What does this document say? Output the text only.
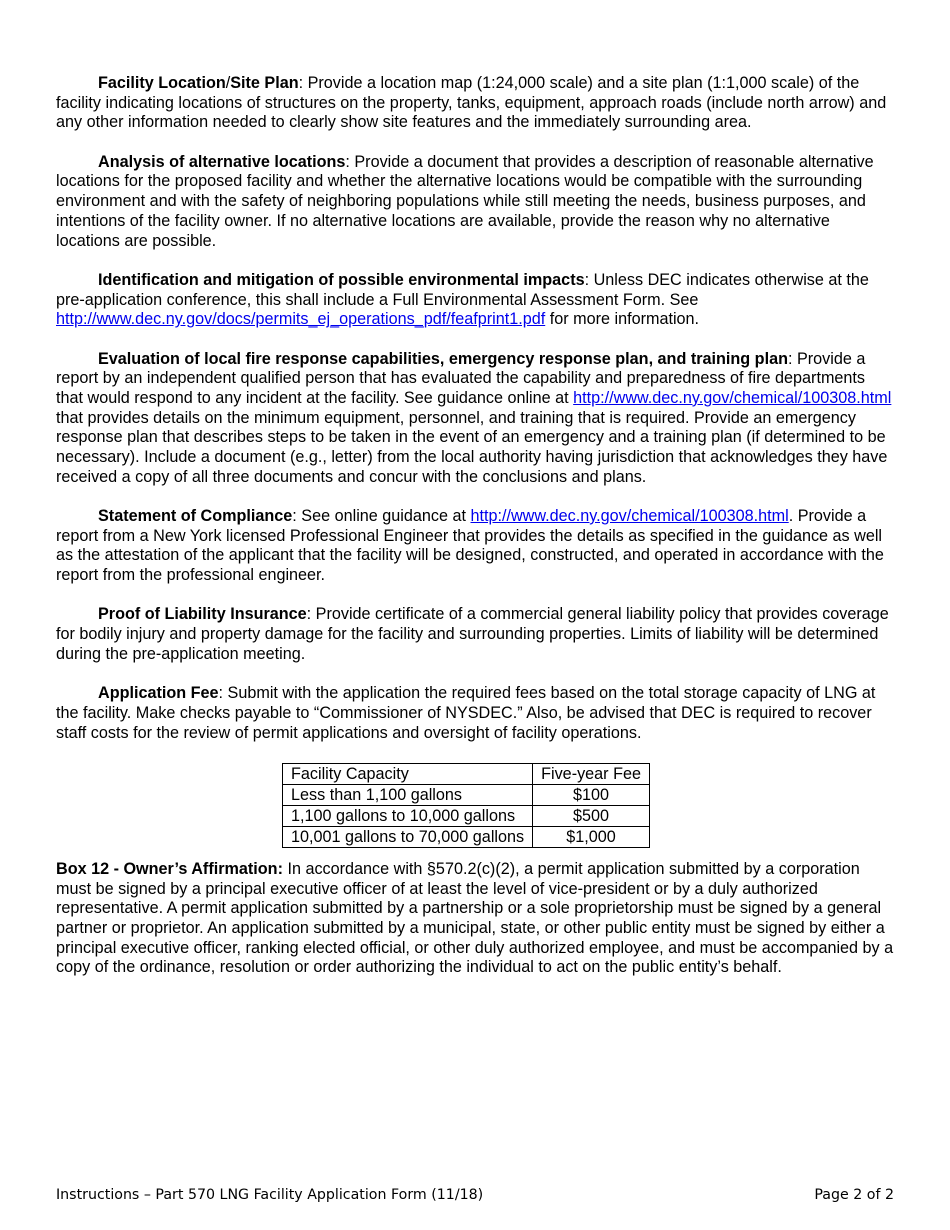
Facility Location/Site Plan: Provide a location map (1:24,000 scale) and a site plan (1:1,000 scale) of the facility indicating locations of structures on the property, tanks, equipment, approach roads (include north arrow) and any other information needed to clearly show site features and the immediately surrounding area.

Analysis of alternative locations: Provide a document that provides a description of reasonable alternative locations for the proposed facility and whether the alternative locations would be compatible with the surrounding environment and with the safety of neighboring populations while still meeting the needs, business purposes, and intentions of the facility owner. If no alternative locations are available, provide the reason why no alternative locations are possible.

Identification and mitigation of possible environmental impacts: Unless DEC indicates otherwise at the pre-application conference, this shall include a Full Environmental Assessment Form. See http://www.dec.ny.gov/docs/permits_ej_operations_pdf/feafprint1.pdf for more information.

Evaluation of local fire response capabilities, emergency response plan, and training plan: Provide a report by an independent qualified person that has evaluated the capability and preparedness of fire departments that would respond to any incident at the facility. See guidance online at http://www.dec.ny.gov/chemical/100308.html that provides details on the minimum equipment, personnel, and training that is required. Provide an emergency response plan that describes steps to be taken in the event of an emergency and a training plan (if determined to be necessary). Include a document (e.g., letter) from the local authority having jurisdiction that acknowledges they have received a copy of all three documents and concur with the conclusions and plans.

Statement of Compliance: See online guidance at http://www.dec.ny.gov/chemical/100308.html. Provide a report from a New York licensed Professional Engineer that provides the details as specified in the guidance as well as the attestation of the applicant that the facility will be designed, constructed, and operated in accordance with the report from the professional engineer.

Proof of Liability Insurance: Provide certificate of a commercial general liability policy that provides coverage for bodily injury and property damage for the facility and surrounding properties. Limits of liability will be determined during the pre-application meeting.

Application Fee: Submit with the application the required fees based on the total storage capacity of LNG at the facility. Make checks payable to “Commissioner of NYSDEC.” Also, be advised that DEC is required to recover staff costs for the review of permit applications and oversight of facility operations.

Facility Capacity	Five-year Fee
Less than 1,100 gallons	$100
1,100 gallons to 10,000 gallons	$500
10,001 gallons to 70,000 gallons	$1,000

Box 12 - Owner’s Affirmation: In accordance with §570.2(c)(2), a permit application submitted by a corporation must be signed by a principal executive officer of at least the level of vice-president or by a duly authorized representative. A permit application submitted by a partnership or a sole proprietorship must be signed by a general partner or proprietor. An application submitted by a municipal, state, or other public entity must be signed by either a principal executive officer, ranking elected official, or other duly authorized employee, and must be accompanied by a copy of the ordinance, resolution or order authorizing the individual to act on the public entity’s behalf.

Instructions – Part 570 LNG Facility Application Form (11/18)	Page 2 of 2
